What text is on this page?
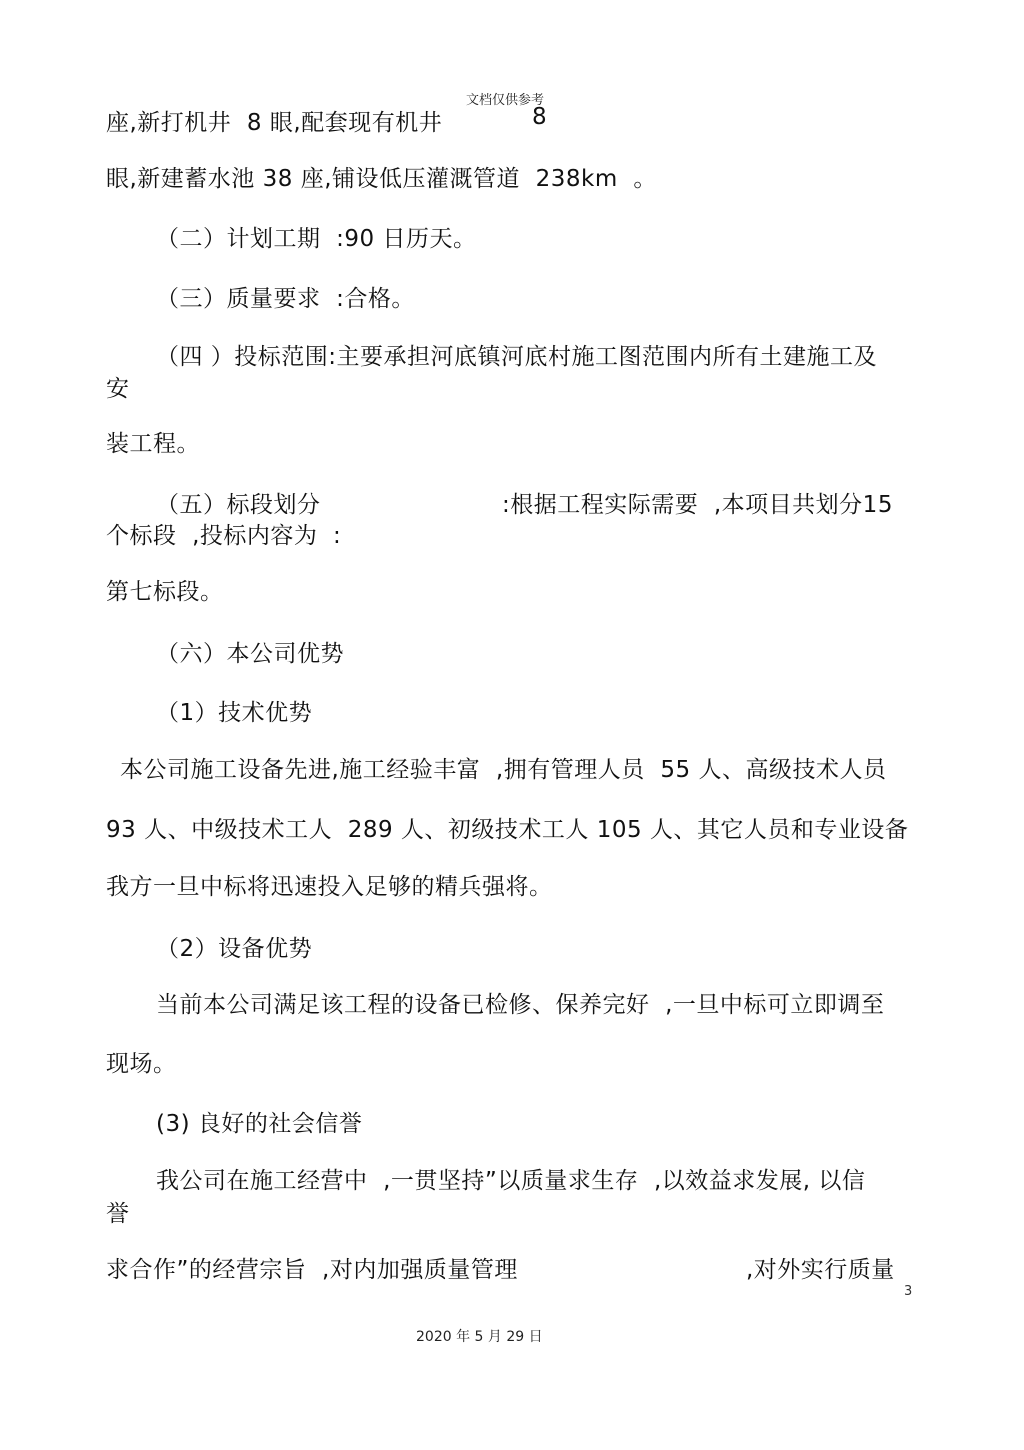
文档仅供参考
座,新打机井  8 眼,配套现有机井	8
眼,新建蓄水池 38 座,铺设低压灌溉管道  238km  。
（二）计划工期  :90 日历天。
（三）质量要求  :合格。
（四 ）投标范围:主要承担河底镇河底村施工图范围内所有土建施工及
安
装工程。
（五）标段划分	:根据工程实际需要  ,本项目共划分15
个标段  ,投标内容为  :
第七标段。
（六）本公司优势
（1）技术优势
本公司施工设备先进,施工经验丰富  ,拥有管理人员  55 人、高级技术人员
93 人、中级技术工人  289 人、初级技术工人 105 人、其它人员和专业设备
我方一旦中标将迅速投入足够的精兵强将。
（2）设备优势
当前本公司满足该工程的设备已检修、保养完好  ,一旦中标可立即调至
现场。
(3) 良好的社会信誉
我公司在施工经营中  ,一贯坚持”以质量求生存  ,以效益求发展, 以信
誉
求合作”的经营宗旨  ,对内加强质量管理	,对外实行质量
3
2020 年 5 月 29 日
